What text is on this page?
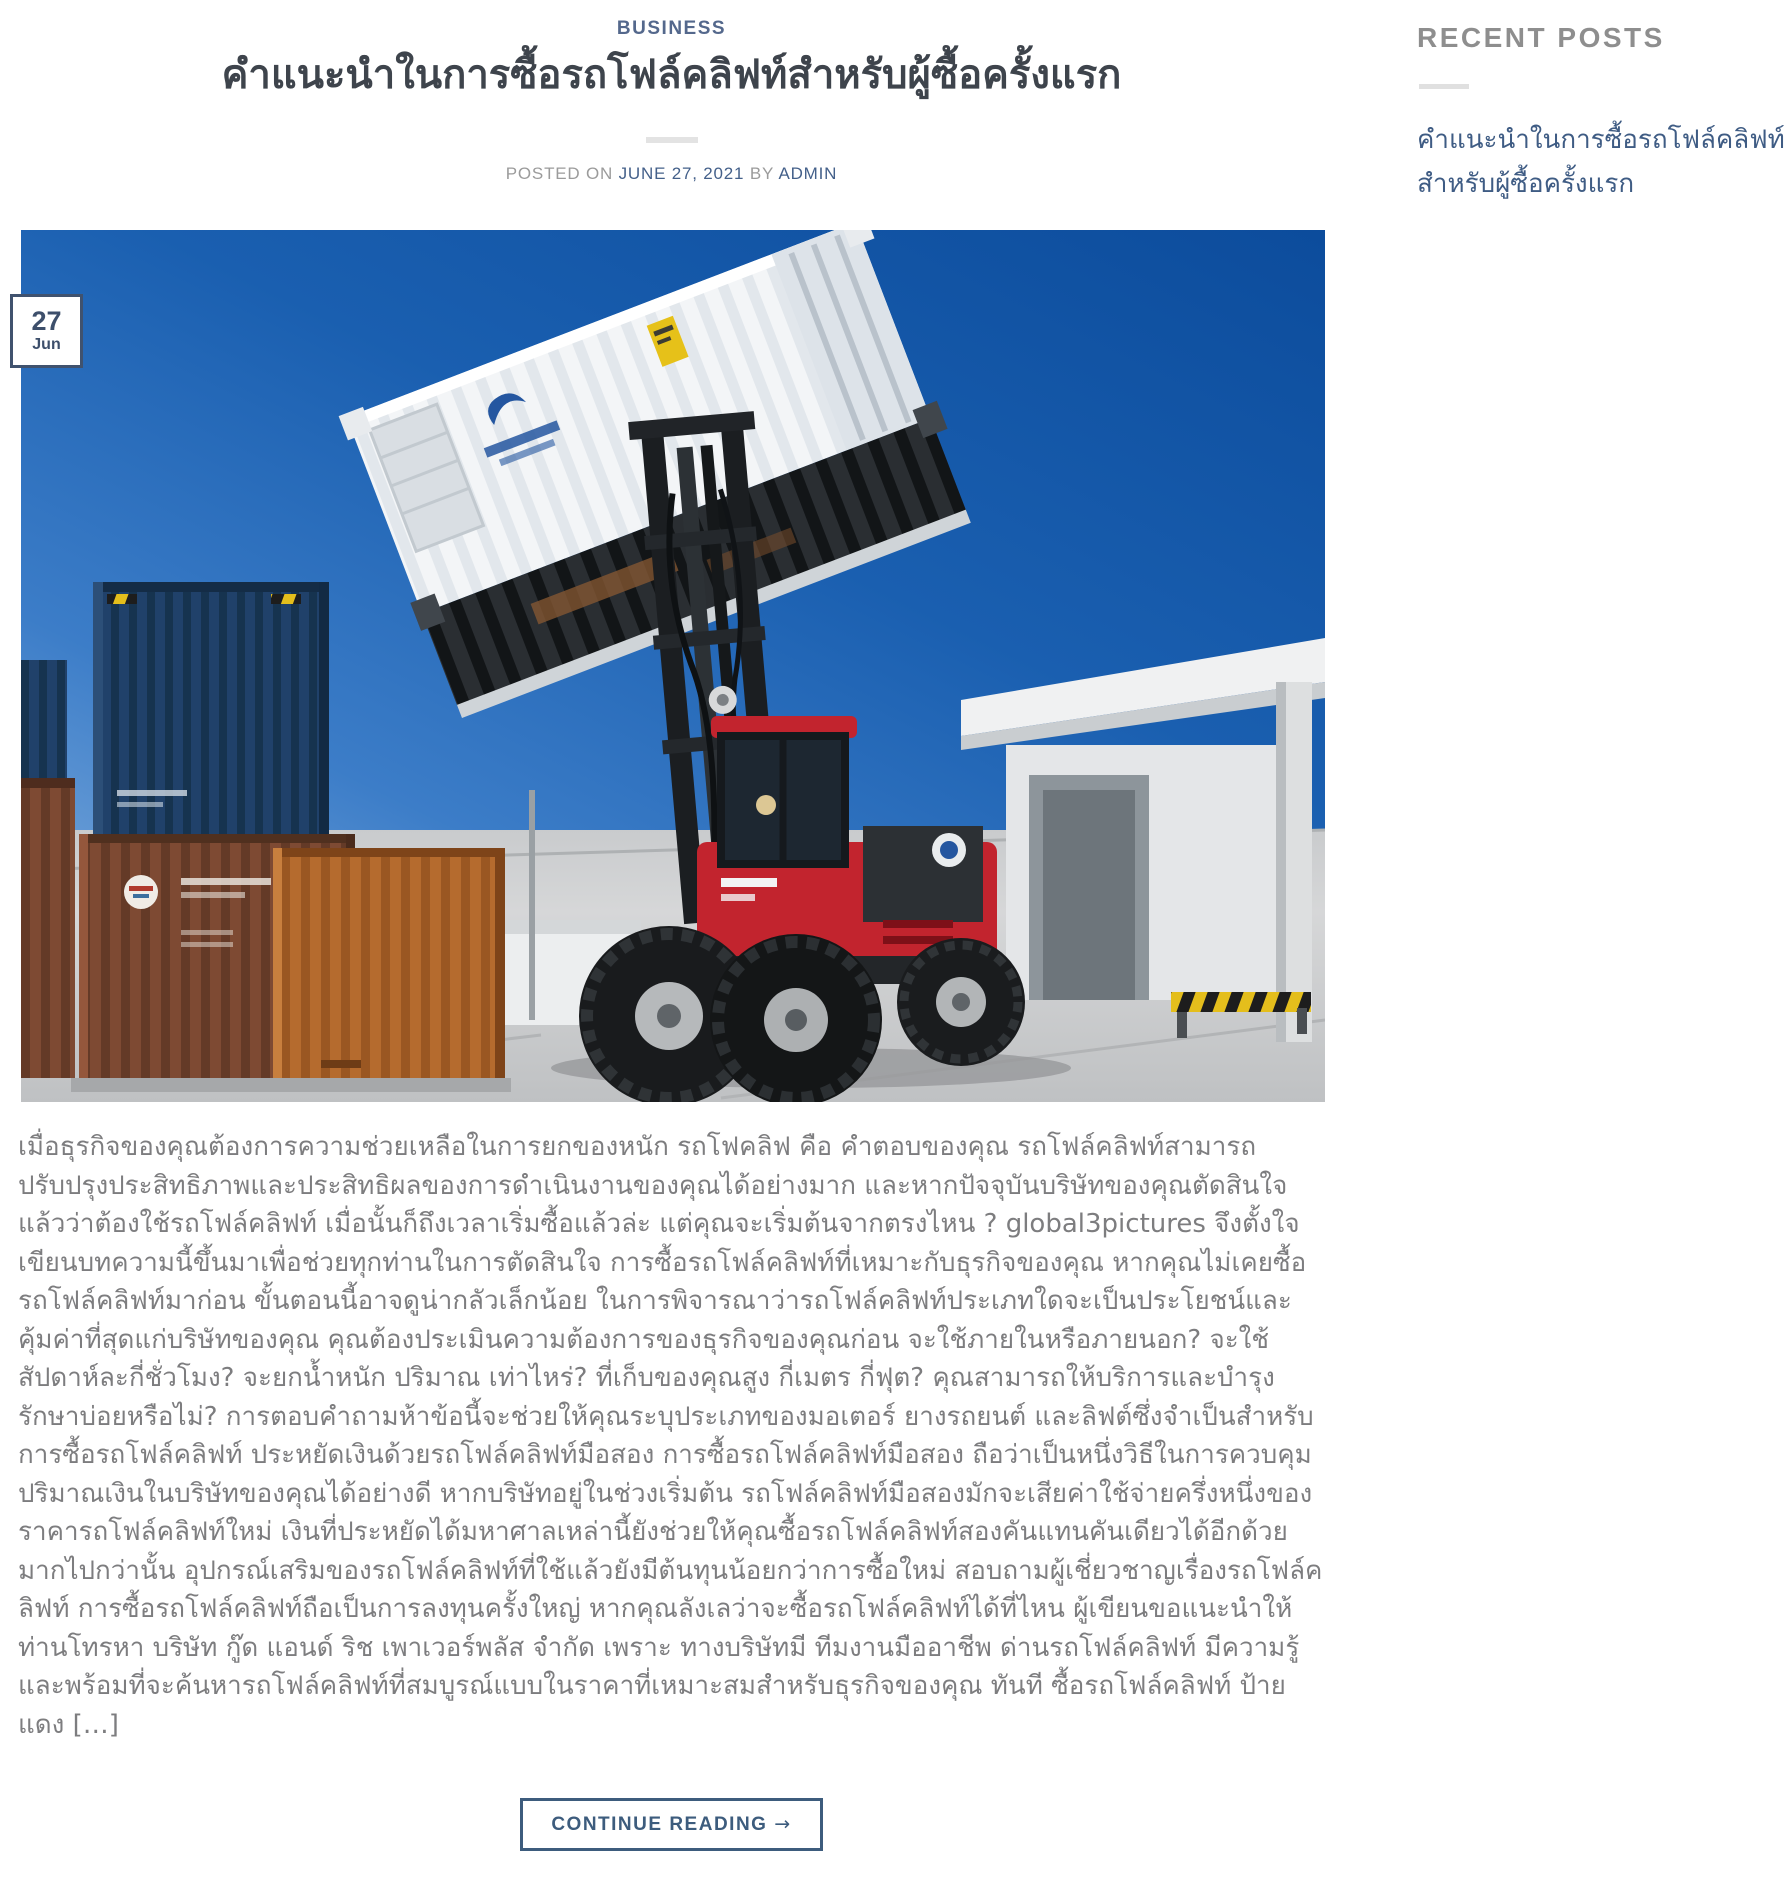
BUSINESS
คำแนะนำในการซื้อรถโฟล์คลิฟท์สำหรับผู้ซื้อครั้งแรก
POSTED ON JUNE 27, 2021 BY ADMIN
27
Jun
เมื่อธุรกิจของคุณต้องการความช่วยเหลือในการยกของหนัก รถโฟคลิฟ คือ คำตอบของคุณ รถโฟล์คลิฟท์สามารถปรับปรุงประสิทธิภาพและประสิทธิผลของการดำเนินงานของคุณได้อย่างมาก และหากปัจจุบันบริษัทของคุณตัดสินใจแล้วว่าต้องใช้รถโฟล์คลิฟท์ เมื่อนั้นก็ถึงเวลาเริ่มซื้อแล้วล่ะ แต่คุณจะเริ่มต้นจากตรงไหน ? global3pictures จึงตั้งใจเขียนบทความนี้ขึ้นมาเพื่อช่วยทุกท่านในการตัดสินใจ การซื้อรถโฟล์คลิฟท์ที่เหมาะกับธุรกิจของคุณ หากคุณไม่เคยซื้อรถโฟล์คลิฟท์มาก่อน ขั้นตอนนี้อาจดูน่ากลัวเล็กน้อย ในการพิจารณาว่ารถโฟล์คลิฟท์ประเภทใดจะเป็นประโยชน์และคุ้มค่าที่สุดแก่บริษัทของคุณ คุณต้องประเมินความต้องการของธุรกิจของคุณก่อน จะใช้ภายในหรือภายนอก? จะใช้สัปดาห์ละกี่ชั่วโมง? จะยกน้ำหนัก ปริมาณ เท่าไหร่? ที่เก็บของคุณสูง กี่เมตร กี่ฟุต? คุณสามารถให้บริการและบำรุงรักษาบ่อยหรือไม่? การตอบคำถามห้าข้อนี้จะช่วยให้คุณระบุประเภทของมอเตอร์ ยางรถยนต์ และลิฟต์ซึ่งจำเป็นสำหรับการซื้อรถโฟล์คลิฟท์ ประหยัดเงินด้วยรถโฟล์คลิฟท์มือสอง การซื้อรถโฟล์คลิฟท์มือสอง ถือว่าเป็นหนึ่งวิธีในการควบคุมปริมาณเงินในบริษัทของคุณได้อย่างดี หากบริษัทอยู่ในช่วงเริ่มต้น รถโฟล์คลิฟท์มือสองมักจะเสียค่าใช้จ่ายครึ่งหนึ่งของราคารถโฟล์คลิฟท์ใหม่ เงินที่ประหยัดได้มหาศาลเหล่านี้ยังช่วยให้คุณซื้อรถโฟล์คลิฟท์สองคันแทนคันเดียวได้อีกด้วย มากไปกว่านั้น อุปกรณ์เสริมของรถโฟล์คลิฟท์ที่ใช้แล้วยังมีต้นทุนน้อยกว่าการซื้อใหม่ สอบถามผู้เชี่ยวชาญเรื่องรถโฟล์คลิฟท์ การซื้อรถโฟล์คลิฟท์ถือเป็นการลงทุนครั้งใหญ่ หากคุณลังเลว่าจะซื้อรถโฟล์คลิฟท์ได้ที่ไหน ผู้เขียนขอแนะนำให้ท่านโทรหา บริษัท กู๊ด แอนด์ ริช เพาเวอร์พลัส จำกัด เพราะ ทางบริษัทมี ทีมงานมืออาชีพ ด่านรถโฟล์คลิฟท์ มีความรู้ และพร้อมที่จะค้นหารถโฟล์คลิฟท์ที่สมบูรณ์แบบในราคาที่เหมาะสมสำหรับธุรกิจของคุณ ทันที ซื้อรถโฟล์คลิฟท์ ป้ายแดง […]
CONTINUE READING →
RECENT POSTS
คำแนะนำในการซื้อรถโฟล์คลิฟท์สำหรับผู้ซื้อครั้งแรก
